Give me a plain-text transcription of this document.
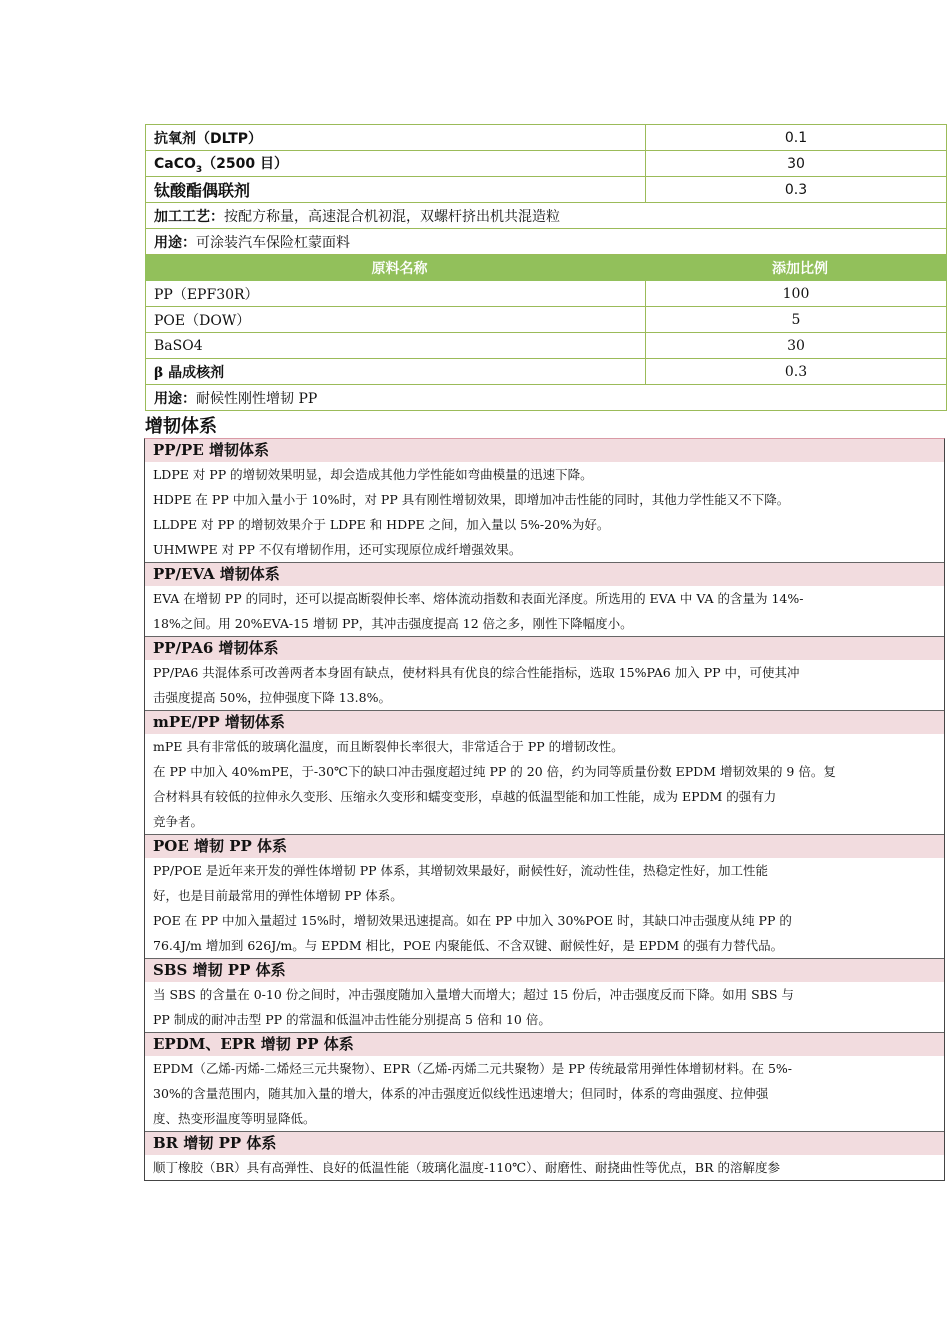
抗氧剂（DLTP）	0.1
CaCO$_3$（2500 目）	30
钛酸酯偶联剂	0.3
加工工艺：按配方称量，高速混合机初混，双螺杆挤出机共混造粒	
用途：可涂装汽车保险杠蒙面料	
原料名称	添加比例
PP（EPF30R）	100
POE（DOW）	5
BaSO4	30
β 晶成核剂	0.3
用途：耐候性刚性增韧 PP	
增韧体系
PP/PE 增韧体系
LDPE 对 PP 的增韧效果明显，却会造成其他力学性能如弯曲模量的迅速下降。
HDPE 在 PP 中加入量小于 10%时，对 PP 具有刚性增韧效果，即增加冲击性能的同时，其他力学性能又不下降。
LLDPE 对 PP 的增韧效果介于 LDPE 和 HDPE 之间，加入量以 5%-20%为好。
UHMWPE 对 PP 不仅有增韧作用，还可实现原位成纤增强效果。
PP/EVA 增韧体系
EVA 在增韧 PP 的同时，还可以提高断裂伸长率、熔体流动指数和表面光泽度。所选用的 EVA 中 VA 的含量为 14%-
18%之间。用 20%EVA-15 增韧 PP，其冲击强度提高 12 倍之多，刚性下降幅度小。
PP/PA6 增韧体系
PP/PA6 共混体系可改善两者本身固有缺点，使材料具有优良的综合性能指标，选取 15%PA6 加入 PP 中，可使其冲
击强度提高 50%，拉伸强度下降 13.8%。
mPE/PP 增韧体系
mPE 具有非常低的玻璃化温度，而且断裂伸长率很大，非常适合于 PP 的增韧改性。
在 PP 中加入 40%mPE，于-30℃下的缺口冲击强度超过纯 PP 的 20 倍，约为同等质量份数 EPDM 增韧效果的 9 倍。复
合材料具有较低的拉伸永久变形、压缩永久变形和蠕变变形，卓越的低温型能和加工性能，成为 EPDM 的强有力
竞争者。
POE 增韧 PP 体系
PP/POE 是近年来开发的弹性体增韧 PP 体系，其增韧效果最好，耐候性好，流动性佳，热稳定性好，加工性能
好，也是目前最常用的弹性体增韧 PP 体系。
POE 在 PP 中加入量超过 15%时，增韧效果迅速提高。如在 PP 中加入 30%POE 时，其缺口冲击强度从纯 PP 的
76.4J/m 增加到 626J/m。与 EPDM 相比，POE 内聚能低、不含双键、耐候性好，是 EPDM 的强有力替代品。
SBS 增韧 PP 体系
当 SBS 的含量在 0-10 份之间时，冲击强度随加入量增大而增大；超过 15 份后，冲击强度反而下降。如用 SBS 与
PP 制成的耐冲击型 PP 的常温和低温冲击性能分别提高 5 倍和 10 倍。
EPDM、EPR 增韧 PP 体系
EPDM（乙烯-丙烯-二烯烃三元共聚物）、EPR（乙烯-丙烯二元共聚物）是 PP 传统最常用弹性体增韧材料。在 5%-
30%的含量范围内，随其加入量的增大，体系的冲击强度近似线性迅速增大；但同时，体系的弯曲强度、拉伸强
度、热变形温度等明显降低。
BR 增韧 PP 体系
顺丁橡胶（BR）具有高弹性、良好的低温性能（玻璃化温度-110℃）、耐磨性、耐挠曲性等优点，BR 的溶解度参
